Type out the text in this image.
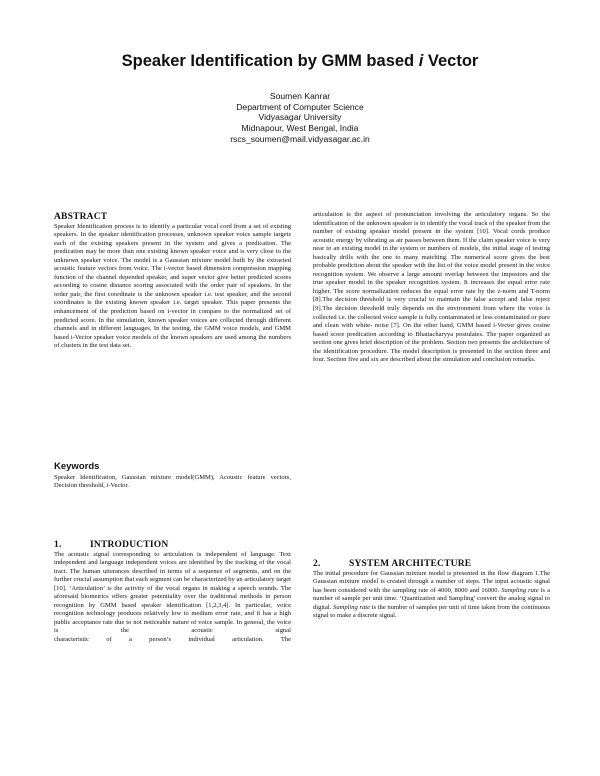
Speaker Identification by GMM based i Vector
Soumen Kanrar
Department of Computer Science
Vidyasagar University
Midnapour, West Bengal, India
rscs_soumen@mail.vidyasagar.ac.in
ABSTRACT

Speaker Identification process is to identify a particular vocal cord from a set of existing speakers. In the speaker identification processes, unknown speaker voice sample targets each of the existing speakers present in the system and gives a predication. The predication may be more than one existing known speaker voice and is very close to the unknown speaker voice. The model is a Gaussian mixture model built by the extracted acoustic feature vectors from voice. The i-vector based dimension compression mapping function of the channel depended speaker, and super vector give better predicted scores according to cosine distance scoring associated with the order pair of speakers. In the order pair, the first coordinate is the unknown speaker i.e. test speaker, and the second coordinates is the existing known speaker i.e. target speaker. This paper presents the enhancement of the prediction based on i-vector in compare to the normalized set of predicted score. In the simulation, known speaker voices are collected through different channels and in different languages. In the testing, the GMM voice models, and GMM based i-Vector speaker voice models of the known speakers are used among the numbers of clusters in the test data set.

Keywords

Speaker Identification, Gaussian mixture model(GMM), Acoustic feature vectors, Decision threshold, i-Vector.

1.	INTRODUCTION

The acoustic signal corresponding to articulation is independent of language. Text independent and language independent voices are identified by the tracking of the vocal tract. The human utterances described in terms of a sequence of segments, and on the further crucial assumption that each segment can be characterized by an articulatory target [10]. ‘Articulation’ is the activity of the vocal organs in making a speech sounds. The aforesaid biometrics offers greater potentiality over the traditional methods in person recognition by GMM based speaker identification [1,2,3,4]. In particular, voice recognition technology produces relatively low to medium error rate, and it has a high public acceptance rate due to not noticeable nature of voice sample. In general, the voice is the acoustic signal

characteristic of a person’s individual articulation. The

articulation is the aspect of pronunciation involving the articulatory organs. So the identification of the unknown speaker is to identify the vocal track of the speaker from the number of existing speaker model present in the system [10]. Vocal cords produce acoustic energy by vibrating as air passes between them. If the claim speaker voice is very near to an existing model in the system or numbers of models, the initial stage of testing basically drills with the one to many matching. The numerical score gives the best probable prediction about the speaker with the list of the voice model present in the voice recognition system. We observe a large amount overlap between the impostors and the true speaker model in the speaker recognition system. It increases the equal error rate higher. The score normalization reduces the equal error rate by the z-norm and T-norm [8].The decision threshold is very crucial to maintain the false accept and false reject [9].The decision threshold truly depends on the environment from where the voice is collected i.e. the collected voice sample is fully contaminated or less contaminated or pure and clean with white- noise [7]. On the other hand, GMM based i-Vector gives cosine based score predication according to Bhattacharyya postulates. The paper organized as section one gives brief description of the problem. Section two presents the architecture of the identification procedure. The model description is presented in the section three and four. Section five and six are described about the simulation and conclusion remarks.

2.	SYSTEM ARCHITECTURE

The initial procedure for Gaussian mixture model is presented in the flow diagram 1.The Gaussian mixture model is created through a number of steps. The input acoustic signal has been considered with the sampling rate of 4000, 8000 and 16000. Sampling rate is a number of sample per unit time. ‘Quantization and Sampling’ convert the analog signal to digital. Sampling rate is the number of samples per unit of time taken from the continuous signal to make a discrete signal.
